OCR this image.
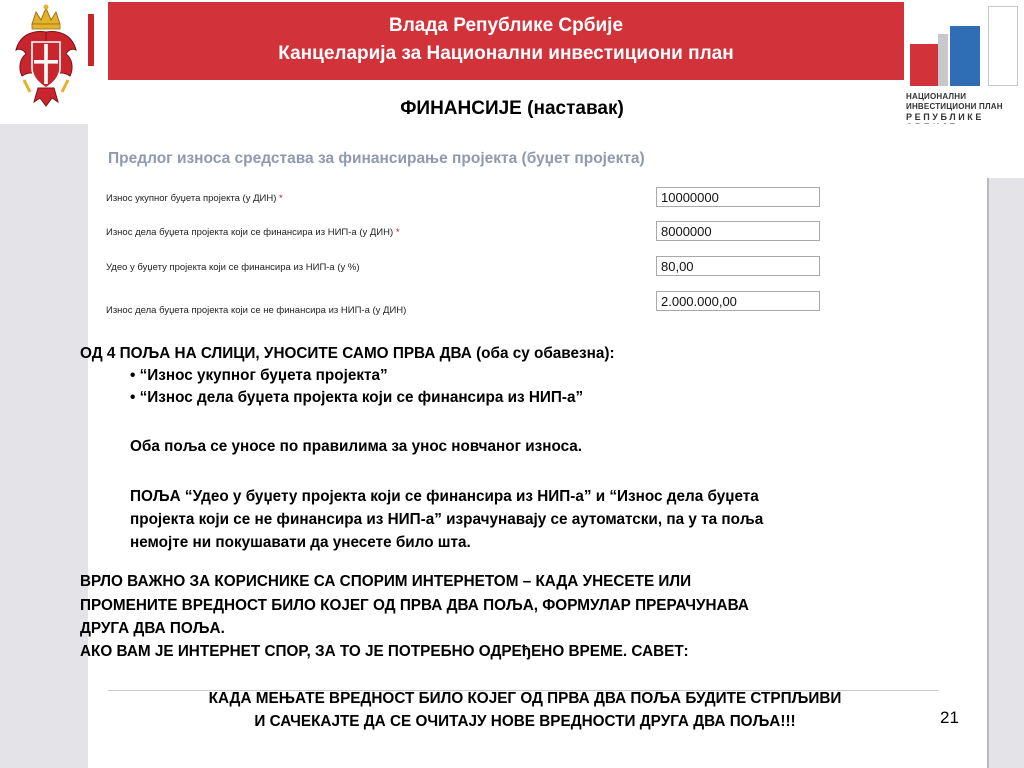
Влада Републике Србије
Канцеларија за Национални инвестициони план
НАЦИОНАЛНИ ИНВЕСТИЦИОНИ ПЛАН
РЕПУБЛИКЕ
ФИНАНСИЈЕ (наставак)
Предлог износа средстава за финансирање пројекта (буџет пројекта)
Износ укупног буџета пројекта (у ДИН) *
10000000
Износ дела буџета пројекта који се финансира из НИП-а (у ДИН) *
8000000
Удео у буџету пројекта који се финансира из НИП-а (у %)
80,00
Износ дела буџета пројекта који се не финансира из НИП-а (у ДИН)
2.000.000,00
ОД 4 ПОЉА НА СЛИЦИ, УНОСИТЕ САМО ПРВА ДВА (оба су обавезна):
• “Износ укупног буџета пројекта”
• “Износ дела буџета пројекта који се финансира из НИП-а”
Оба поља се уносе по правилима за унос новчаног износа.
ПОЉА “Удео у буџету пројекта који се финансира из НИП-а” и “Износ дела буџета
пројекта који се не финансира из НИП-а” израчунавају се аутоматски, па у та поља
немојте ни покушавати да унесете било шта.
ВРЛО ВАЖНО ЗА КОРИСНИКЕ СА СПОРИМ ИНТЕРНЕТОМ – КАДА УНЕСЕТЕ ИЛИ
ПРОМЕНИТЕ ВРЕДНОСТ БИЛО КОЈЕГ ОД ПРВА ДВА ПОЉА, ФОРМУЛАР ПРЕРАЧУНАВА
ДРУГА ДВА ПОЉА.
АКО ВАМ ЈЕ ИНТЕРНЕТ СПОР, ЗА ТО ЈЕ ПОТРЕБНО ОДРЕђЕНО ВРЕМЕ. САВЕТ:
КАДА МЕЊАТЕ ВРЕДНОСТ БИЛО КОЈЕГ ОД ПРВА ДВА ПОЉА БУДИТЕ СТРПЉИВИ
И САЧЕКАЈТЕ ДА СЕ ОЧИТАЈУ НОВЕ ВРЕДНОСТИ ДРУГА ДВА ПОЉА!!!	21
